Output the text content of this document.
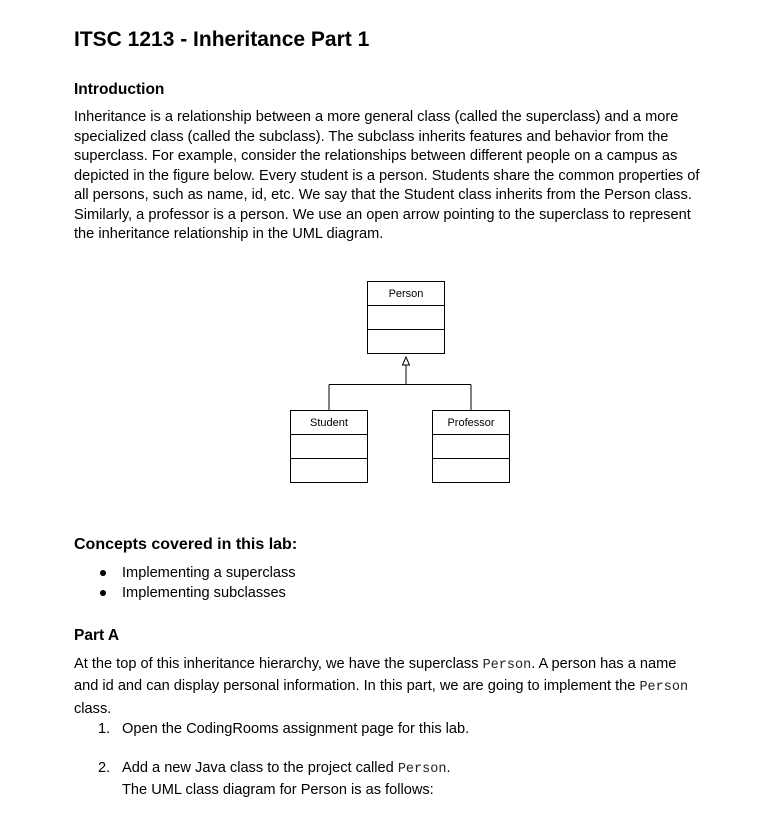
ITSC 1213 - Inheritance Part 1
Introduction

Inheritance is a relationship between a more general class (called the superclass) and a more specialized class (called the subclass). The subclass inherits features and behavior from the superclass. For example, consider the relationships between different people on a campus as depicted in the figure below. Every student is a person. Students share the common properties of all persons, such as name, id, etc. We say that the Student class inherits from the Person class. Similarly, a professor is a person. We use an open arrow pointing to the superclass to represent the inheritance relationship in the UML diagram.

Person
Student	Professor
Concepts covered in this lab:
Implementing a superclass
Implementing subclasses
Part A

At the top of this inheritance hierarchy, we have the superclass Person. A person has a name and id and can display personal information. In this part, we are going to implement the Person class.

1. Open the CodingRooms assignment page for this lab.
2. Add a new Java class to the project called Person.
The UML class diagram for Person is as follows:
